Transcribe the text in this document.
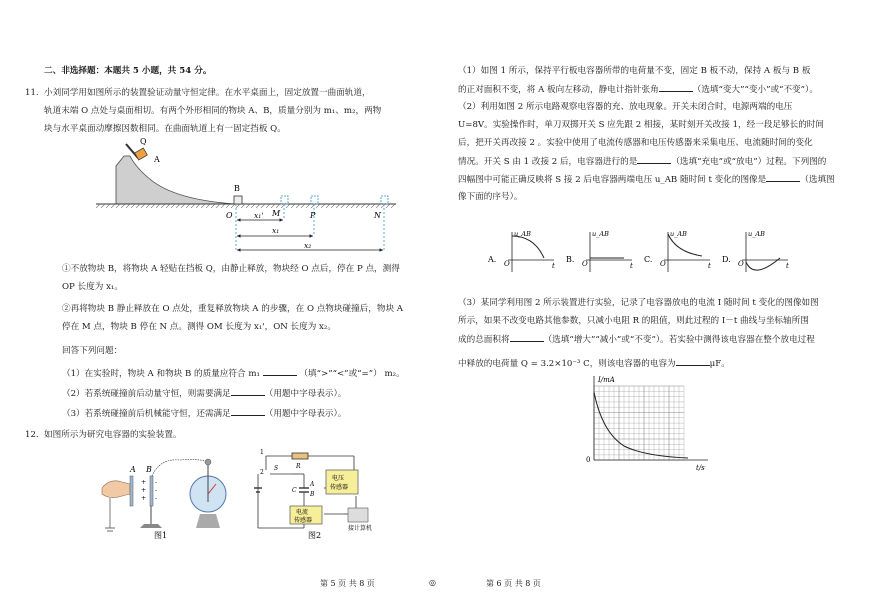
二、非选择题：本题共 5 小题，共 54 分。
11. 小刘同学用如图所示的装置验证动量守恒定律。在水平桌面上，固定放置一曲面轨道，
轨道末端 O 点处与桌面相切。有两个外形相同的物块 A、B，质量分别为 m₁、m₂，两物
块与水平桌面动摩擦因数相同。在曲面轨道上有一固定挡板 Q。
Q
A
B
O	M	P	N
x₁'
x₁
x₂
①不放物块 B，将物块 A 轻贴在挡板 Q，由静止释放，物块经 O 点后，停在 P 点，测得
OP 长度为 x₁。
②再将物块 B 静止释放在 O 点处，重复释放物块 A 的步骤，在 O 点物块碰撞后，物块 A
停在 M 点，物块 B 停在 N 点。测得 OM 长度为 x₁'，ON 长度为 x₂。
回答下列问题：
（1）在实验时，物块 A 和物块 B 的质量应符合 m₁	（填“>”“<”或“=”） m₂。
（2）若系统碰撞前后动量守恒，则需要满足	（用题中字母表示）。
（3）若系统碰撞前后机械能守恒，还需满足	（用题中字母表示）。
12. 如图所示为研究电容器的实验装置。
A B
+
+
+
-
-
-
图1
1
2
S	R
C
A
B
电压
传感器
电流
传感器
接计算机
图2
（1）如图 1 所示，保持平行板电容器所带的电荷量不变，固定 B 板不动，保持 A 板与 B 板
的正对面积不变，将 A 板向左移动，静电计指针张角	（选填“变大”“变小”或“不变”）。
（2）利用如图 2 所示电路观察电容器的充、放电现象。开关未闭合时，电源两端的电压
U=8V。实验操作时，单刀双掷开关 S 应先跟 2 相接，某时刻开关改接 1，经一段足够长的时间
后，把开关再改接 2 。实验中使用了电流传感器和电压传感器来采集电压、电流随时间的变化
情况。开关 S 由 1 改接 2 后，电容器进行的是	（选填“充电”或“放电”）过程。下列图的
四幅图中可能正确反映将 S 接 2 后电容器两端电压 u_AB 随时间 t 变化的图像是	（选填图
像下面的序号）。
A.
u_AB
O	t
B.
u_AB
O	t
C.
u_AB
O	t
D.
u_AB
O	t
（3）某同学利用图 2 所示装置进行实验，记录了电容器放电的电流 I 随时间 t 变化的图像如图
所示，如果不改变电路其他参数，只减小电阻 R 的阻值，则此过程的 I－t 曲线与坐标轴所围
成的总面积将	（选填“增大”“减小”或“不变”）。若实验中测得该电容器在整个放电过程
中释放的电荷量 Q = 3.2×10⁻³ C，则该电容器的电容为	μF。
I/mA
0
t/s
第 5 页 共 8 页	◎	第 6 页 共 8 页
